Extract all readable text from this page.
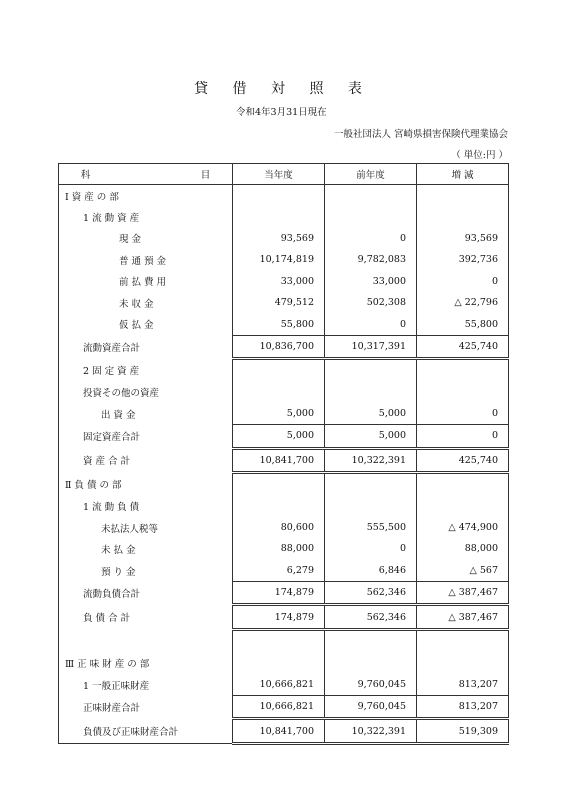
貸 借 対 照 表
令和4年3月31日現在
一般社団法人 宮崎県損害保険代理業協会
（ 単位:円 ）
科 目	当年度	前年度	増 減
Ⅰ 資 産 の 部			
1 流 動 資 産			
現 金	93,569	0	93,569
普 通 預 金	10,174,819	9,782,083	392,736
前 払 費 用	33,000	33,000	0
未 収 金	479,512	502,308	△ 22,796
仮 払 金	55,800	0	55,800
流動資産合計	10,836,700	10,317,391	425,740
2 固 定 資 産			
投資その他の資産			
出 資 金	5,000	5,000	0
固定資産合計	5,000	5,000	0
資 産 合 計	10,841,700	10,322,391	425,740
Ⅱ 負 債 の 部			
1 流 動 負 債			
未払法人税等	80,600	555,500	△ 474,900
未 払 金	88,000	0	88,000
預 り 金	6,279	6,846	△ 567
流動負債合計	174,879	562,346	△ 387,467
負 債 合 計	174,879	562,346	△ 387,467

Ⅲ 正 味 財 産 の 部			
1 一般正味財産	10,666,821	9,760,045	813,207
正味財産合計	10,666,821	9,760,045	813,207
負債及び正味財産合計	10,841,700	10,322,391	519,309
